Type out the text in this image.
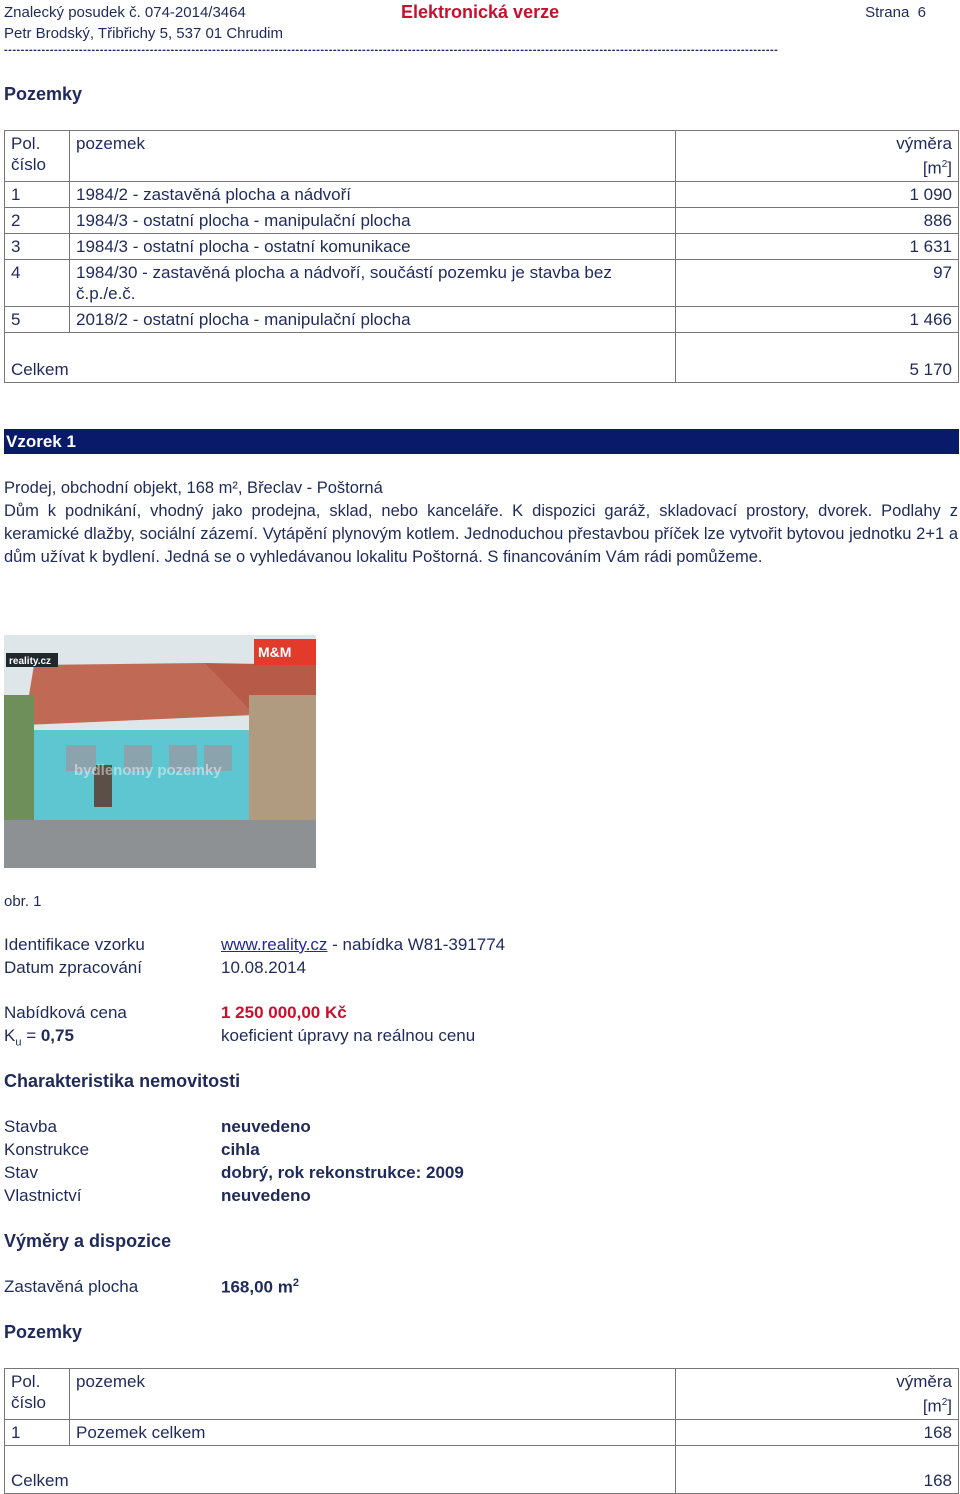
Znalecký posudek č. 074-2014/3464
Petr Brodský, Třibřichy 5, 537 01 Chrudim
Elektronická verze	Strana 6
------------------------------------------------------------------------------------------------------------------------------------------------------------------------------------------
Pozemky
Pol.
číslo	pozemek	výměra
$[m^2]$
1	1984/2 - zastavěná plocha a nádvoří	1 090
2	1984/3 - ostatní plocha - manipulační plocha	886
3	1984/3 - ostatní plocha - ostatní komunikace	1 631
4	1984/30 - zastavěná plocha a nádvoří, součástí pozemku je stavba bez č.p./e.č.	97
5	2018/2 - ostatní plocha - manipulační plocha	1 466
Celkem		5 170
Vzorek 1

Prodej, obchodní objekt, 168 m², Břeclav - Poštorná

Dům k podnikání, vhodný jako prodejna, sklad, nebo kanceláře. K dispozici garáž, skladovací prostory, dvorek. Podlahy z keramické dlažby, sociální zázemí. Vytápění plynovým kotlem. Jednoduchou přestavbou příček lze vytvořit bytovou jednotku 2+1 a dům užívat k bydlení. Jedná se o vyhledávanou lokalitu Poštorná. S financováním Vám rádi pomůžeme.

reality.cz
M&M
bydlenomy pozemky
obr. 1
Identifikace vzorku	www.reality.cz - nabídka W81-391774
Datum zpracování	10.08.2014
Nabídková cena	1 250 000,00 Kč
$K_u = 0,75$	koeficient úpravy na reálnou cenu
Charakteristika nemovitosti
Stavba	neuvedeno
Konstrukce	cihla
Stav	dobrý, rok rekonstrukce: 2009
Vlastnictví	neuvedeno
Výměry a dispozice
Zastavěná plocha	168,00 $m^2$
Pozemky
Pol.
číslo	pozemek	výměra
$[m^2]$
1	Pozemek celkem	168
Celkem		168
